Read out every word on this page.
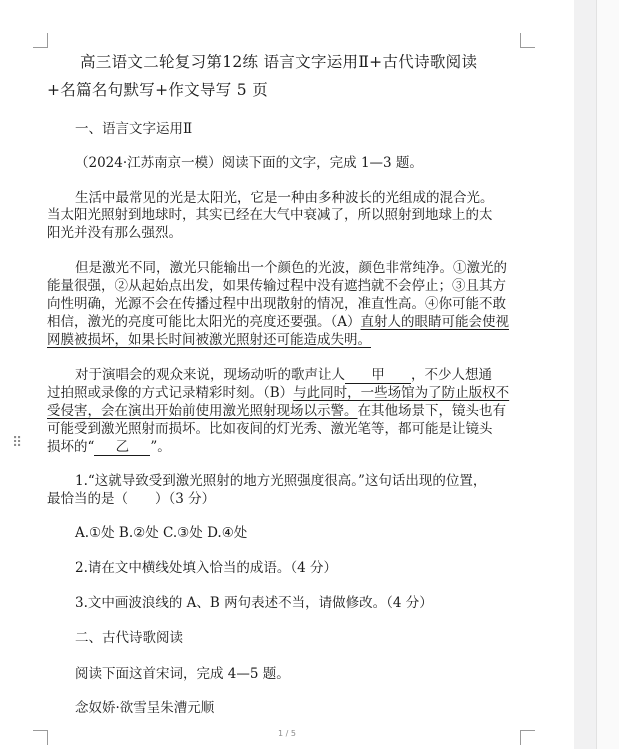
高三语文二轮复习第12练 语言文字运用Ⅱ+古代诗歌阅读
+名篇名句默写+作文导写 5 页
一、语言文字运用Ⅱ
（2024·江苏南京一模）阅读下面的文字，完成 1—3 题。
生活中最常见的光是太阳光，它是一种由多种波长的光组成的混合光。
当太阳光照射到地球时，其实已经在大气中衰减了，所以照射到地球上的太
阳光并没有那么强烈。
但是激光不同，激光只能输出一个颜色的光波，颜色非常纯净。①激光的
能量很强，②从起始点出发，如果传输过程中没有遮挡就不会停止；③且其方
向性明确，光源不会在传播过程中出现散射的情况，准直性高。④你可能不敢
相信，激光的亮度可能比太阳光的亮度还要强。（A）直射人的眼睛可能会使视
网膜被损坏，如果长时间被激光照射还可能造成失明。
对于演唱会的观众来说，现场动听的歌声让人 甲 ，不少人想通
过拍照或录像的方式记录精彩时刻。（B）与此同时，一些场馆为了防止版权不
受侵害，会在演出开始前使用激光照射现场以示警。在其他场景下，镜头也有
可能受到激光照射而损坏。比如夜间的灯光秀、激光笔等，都可能是让镜头
损坏的“ 乙 ”。
1.“这就导致受到激光照射的地方光照强度很高。”这句话出现的位置，
最恰当的是（　　）（3 分）
A.①处 B.②处 C.③处 D.④处
2.请在文中横线处填入恰当的成语。（4 分）
3.文中画波浪线的 A、B 两句表述不当，请做修改。（4 分）
二、古代诗歌阅读
阅读下面这首宋词，完成 4—5 题。
念奴娇·欲雪呈朱漕元顺
1 / 5
⠿
